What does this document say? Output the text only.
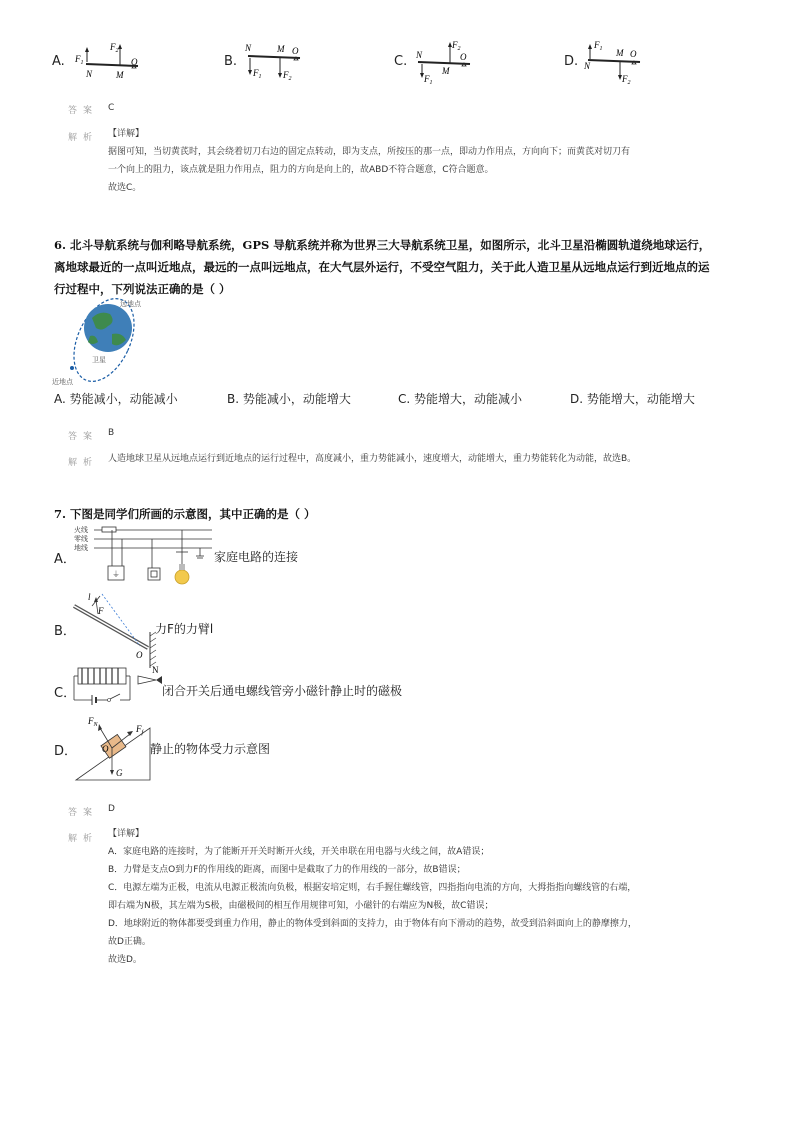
A. $F_1$
$F_2$
N	M
O	B.
N	M O
$F_1$ $F_2$
C. N
$F_2$
O
M
$F_1$
D.
$F_1$
N
M O
$F_2$
答案 C
解析 【详解】
据图可知，当切黄芪时，其会绕着切刀右边的固定点转动，即为支点，所按压的那一点，即动力作用点，方向向下；而黄芪对切刀有
一个向上的阻力，该点就是阻力作用点，阻力的方向是向上的，故ABD不符合题意，C符合题意。
故选C。
6. 北斗导航系统与伽利略导航系统，GPS 导航系统并称为世界三大导航系统卫星，如图所示，北斗卫星沿椭圆轨道绕地球运行，
离地球最近的一点叫近地点，最远的一点叫远地点，在大气层外运行，不受空气阻力，关于此人造卫星从远地点运行到近地点的运
行过程中，下列说法正确的是（ ）
远地点
卫星
近地点
A. 势能减小，动能减小	B. 势能减小，动能增大	C. 势能增大，动能减小	D. 势能增大，动能增大
答案 B
解析 人造地球卫星从远地点运行到近地点的运行过程中，高度减小，重力势能减小，速度增大，动能增大，重力势能转化为动能，故选B。
7. 下图是同学们所画的示意图，其中正确的是（ ）
A．
火线
零线
地线
⏚
家庭电路的连接
B．
l
F
O
力F的力臂l
C．
N
闭合开关后通电螺线管旁小磁针静止时的磁极
D．
$F_N$	$F_f$
O
G
静止的物体受力示意图
答案 D
解析 【详解】
A．家庭电路的连接时，为了能断开开关时断开火线，开关串联在用电器与火线之间，故A错误；
B．力臂是支点O到力F的作用线的距离，而图中是截取了力的作用线的一部分，故B错误；
C．电源左端为正极，电流从电源正极流向负极，根据安培定则，右手握住螺线管，四指指向电流的方向，大拇指指向螺线管的右端，
即右端为N极，其左端为S极，由磁极间的相互作用规律可知，小磁针的右端应为N极，故C错误；
D．地球附近的物体都要受到重力作用，静止的物体受到斜面的支持力，由于物体有向下滑动的趋势，故受到沿斜面向上的静摩擦力，
故D正确。
故选D。
